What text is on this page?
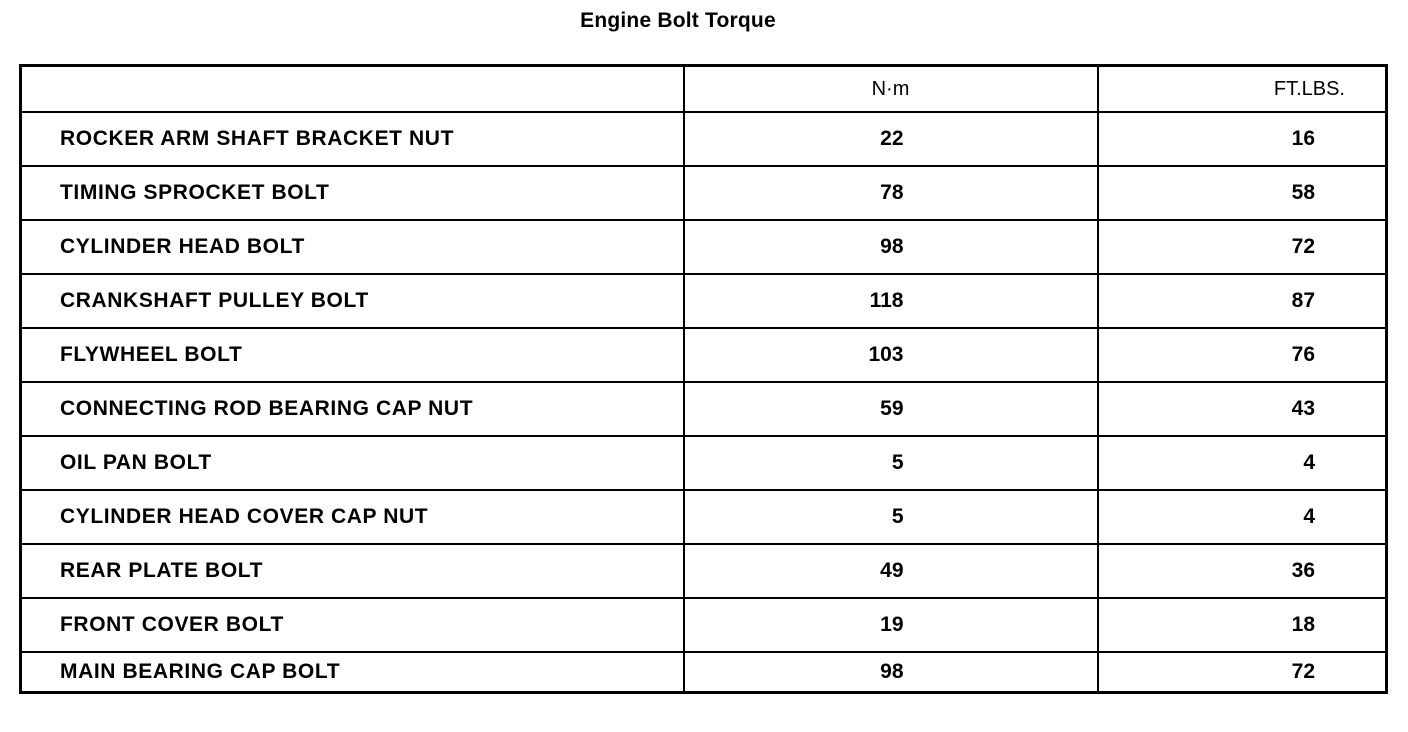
Engine Bolt Torque
	N·m	FT.LBS.
ROCKER ARM SHAFT BRACKET NUT	22	16
TIMING SPROCKET BOLT	78	58
CYLINDER HEAD BOLT	98	72
CRANKSHAFT PULLEY BOLT	118	87
FLYWHEEL BOLT	103	76
CONNECTING ROD BEARING CAP NUT	59	43
OIL PAN BOLT	5	4
CYLINDER HEAD COVER CAP NUT	5	4
REAR PLATE BOLT	49	36
FRONT COVER BOLT	19	18
MAIN BEARING CAP BOLT	98	72
